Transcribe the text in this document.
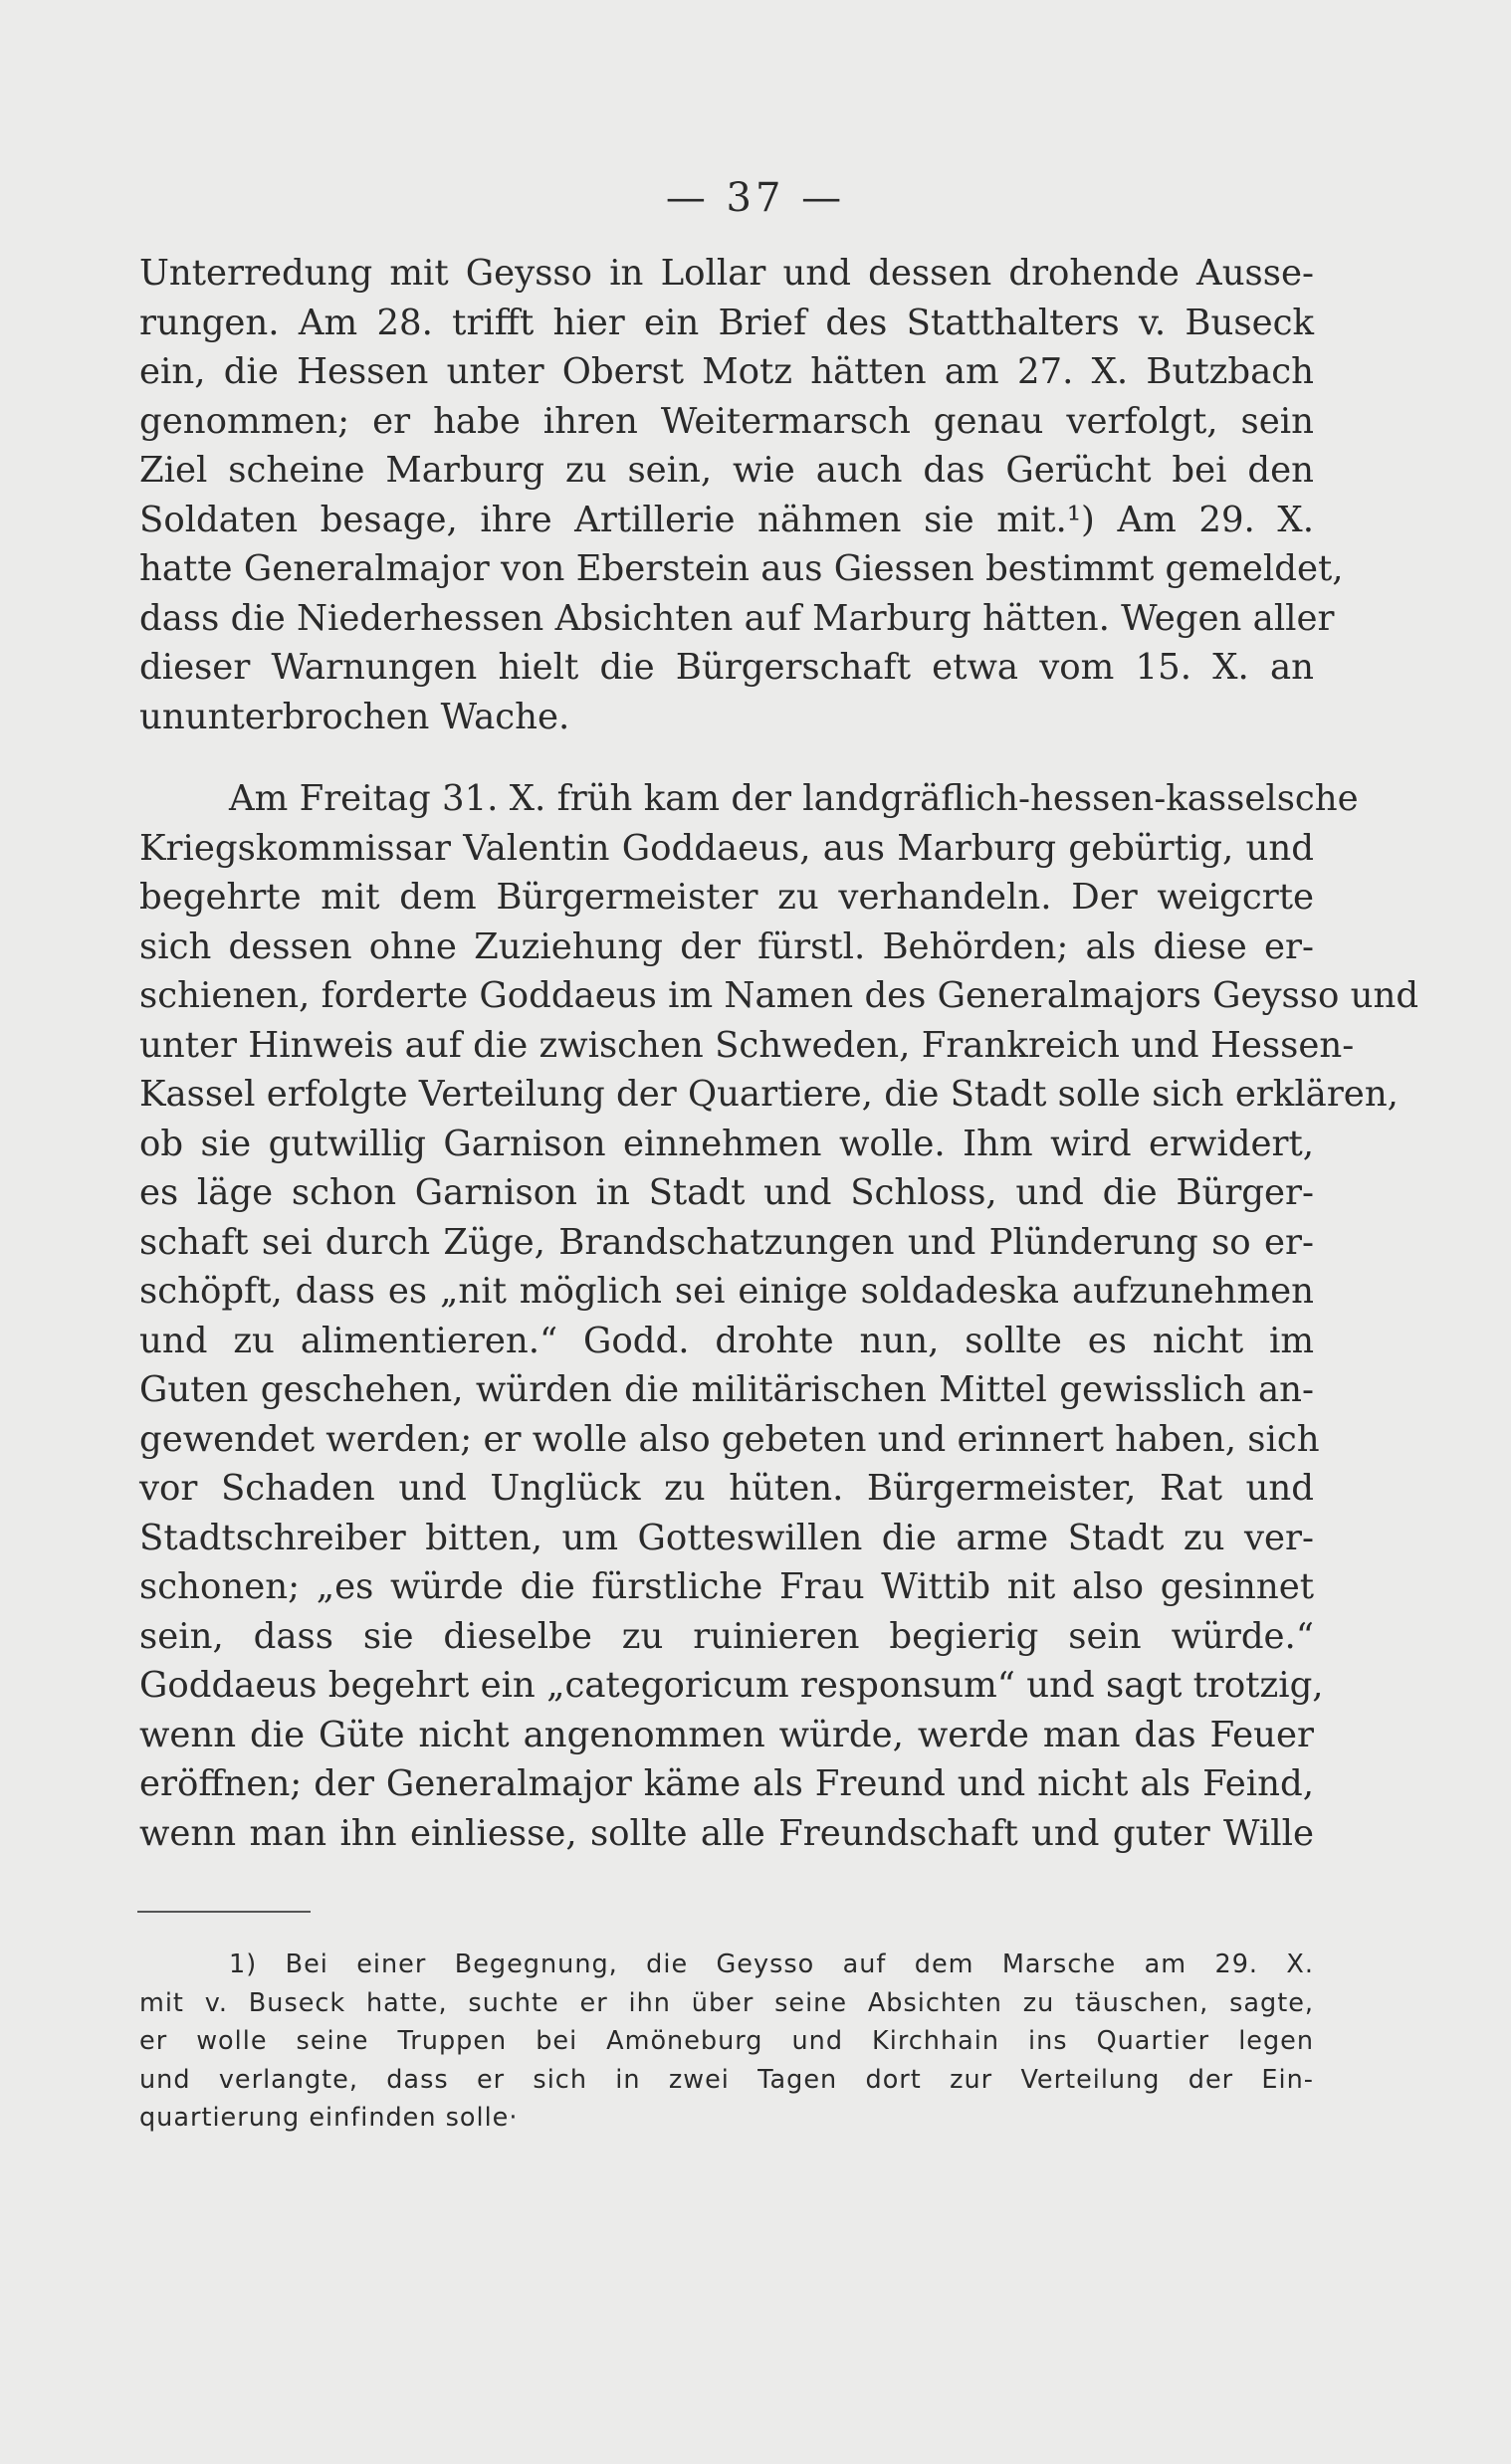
— 37 —
Unterredung mit Geysso in Lollar und dessen drohende Ausse-
rungen. Am 28. trifft hier ein Brief des Statthalters v. Buseck
ein, die Hessen unter Oberst Motz hätten am 27. X. Butzbach
genommen; er habe ihren Weitermarsch genau verfolgt, sein
Ziel scheine Marburg zu sein, wie auch das Gerücht bei den
Soldaten besage, ihre Artillerie nähmen sie mit.¹) Am 29. X.
hatte Generalmajor von Eberstein aus Giessen bestimmt gemeldet,
dass die Niederhessen Absichten auf Marburg hätten. Wegen aller
dieser Warnungen hielt die Bürgerschaft etwa vom 15. X. an
ununterbrochen Wache.
Am Freitag 31. X. früh kam der landgräflich-hessen-kasselsche
Kriegskommissar Valentin Goddaeus, aus Marburg gebürtig, und
begehrte mit dem Bürgermeister zu verhandeln. Der weigcrte
sich dessen ohne Zuziehung der fürstl. Behörden; als diese er-
schienen, forderte Goddaeus im Namen des Generalmajors Geysso und
unter Hinweis auf die zwischen Schweden, Frankreich und Hessen-
Kassel erfolgte Verteilung der Quartiere, die Stadt solle sich erklären,
ob sie gutwillig Garnison einnehmen wolle. Ihm wird erwidert,
es läge schon Garnison in Stadt und Schloss, und die Bürger-
schaft sei durch Züge, Brandschatzungen und Plünderung so er-
schöpft, dass es „nit möglich sei einige soldadeska aufzunehmen
und zu alimentieren.“ Godd. drohte nun, sollte es nicht im
Guten geschehen, würden die militärischen Mittel gewisslich an-
gewendet werden; er wolle also gebeten und erinnert haben, sich
vor Schaden und Unglück zu hüten. Bürgermeister, Rat und
Stadtschreiber bitten, um Gotteswillen die arme Stadt zu ver-
schonen; „es würde die fürstliche Frau Wittib nit also gesinnet
sein, dass sie dieselbe zu ruinieren begierig sein würde.“
Goddaeus begehrt ein „categoricum responsum“ und sagt trotzig,
wenn die Güte nicht angenommen würde, werde man das Feuer
eröffnen; der Generalmajor käme als Freund und nicht als Feind,
wenn man ihn einliesse, sollte alle Freundschaft und guter Wille
1) Bei einer Begegnung, die Geysso auf dem Marsche am 29. X.
mit v. Buseck hatte, suchte er ihn über seine Absichten zu täuschen, sagte,
er wolle seine Truppen bei Amöneburg und Kirchhain ins Quartier legen
und verlangte, dass er sich in zwei Tagen dort zur Verteilung der Ein-
quartierung einfinden solle·
